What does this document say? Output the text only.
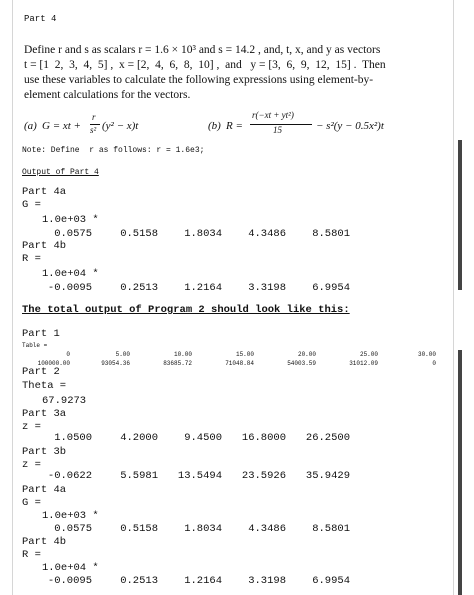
Part 4
Define r and s as scalars r = 1.6 × 10³ and s = 14.2 , and, t, x, and y as vectors
t = [1  2,  3,  4,  5] ,  x = [2,  4,  6,  8,  10] ,  and   y = [3,  6,  9,  12,  15] .  Then
use these variables to calculate the following expressions using element-by-
element calculations for the vectors.
(a) G = xt +
r
s² (y² − x)t	(b) R =
r(−xt + yt²)
15	− s²(y − 0.5x²)t
Note: Define  r as follows: r = 1.6e3;
Output of Part 4
Part 4a
G =
1.0e+03 *
0.0575	0.5158	1.8034	4.3486	8.5801
Part 4b
R =
1.0e+04 *
-0.0095	0.2513	1.2164	3.3198	6.9954
The total output of Program 2 should look like this:
Part 1
Table =
0	5.00	10.00	15.00	20.00	25.00	30.00
100000.00	93054.36	83685.72	71048.84	54003.59	31012.09	0
Part 2
Theta =
67.9273
Part 3a
z =
1.0500	4.2000	9.4500	16.8000	26.2500
Part 3b
z =
-0.0622	5.5981	13.5494	23.5926	35.9429
Part 4a
G =
1.0e+03 *
0.0575	0.5158	1.8034	4.3486	8.5801
Part 4b
R =
1.0e+04 *
-0.0095	0.2513	1.2164	3.3198	6.9954
